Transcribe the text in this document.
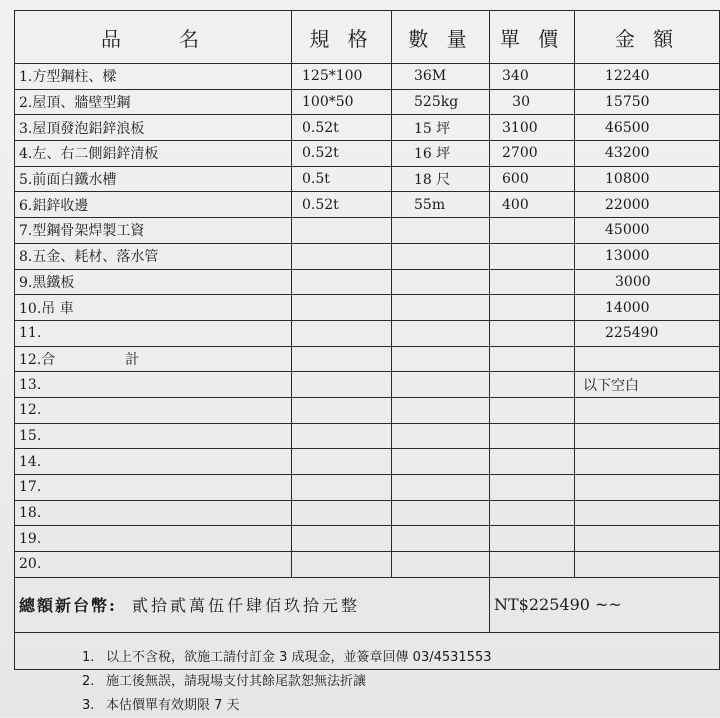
品　　名	規 格	數 量	單 價	金 額
1.方型鋼柱、樑	125*100	36M	340	12240
2.屋頂、牆壁型鋼	100*50	525kg	30	15750
3.屋頂發泡鋁鋅浪板	0.52t	15 坪	3100	46500
4.左、右二側鋁鋅清板	0.52t	16 坪	2700	43200
5.前面白鐵水槽	0.5t	18 尺	600	10800
6.鋁鋅收邊	0.52t	55m	400	22000
7.型鋼骨架焊製工資				45000
8.五金、耗材、落水管				13000
9.黑鐵板				3000
10.吊 車				14000
11.				225490
12.合　　　　　計				
13.				以下空白
12.				
15.				
14.				
17.				
18.				
19.				
20.				
總額新台幣: 貳拾貳萬伍仟肆佰玖拾元整			NT$225490 ~~	

1. 以上不含稅，欲施工請付訂金 3 成現金，並簽章回傳 03/4531553
2. 施工後無誤，請現場支付其餘尾款恕無法折讓
3. 本估價單有效期限 7 天
